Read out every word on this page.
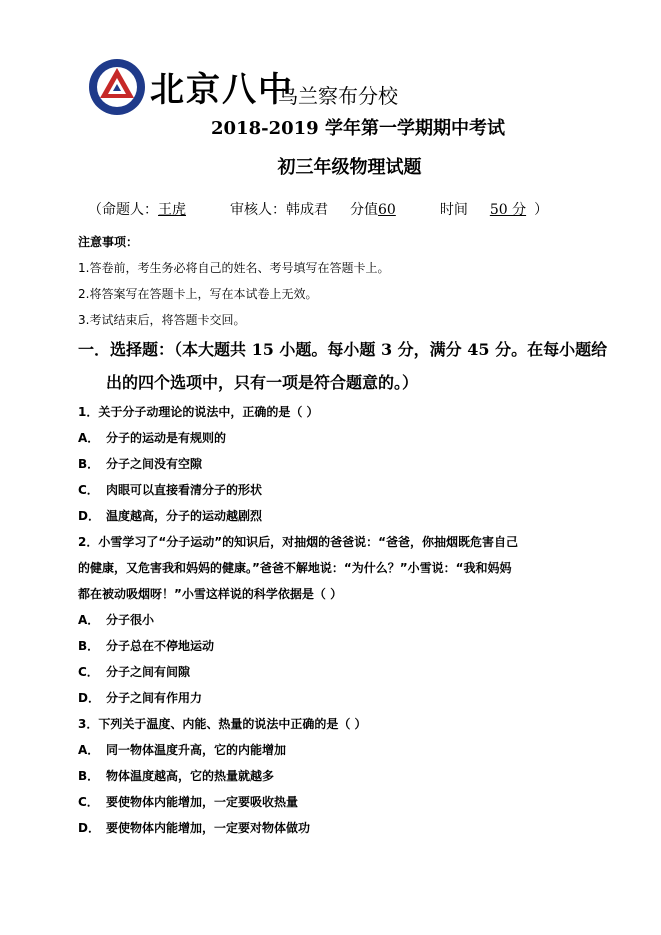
北京八中
乌兰察布分校
2018-2019 学年第一学期期中考试
初三年级物理试题
（命题人：王虎	审核人：韩成君 分值60	时间 50 分 ）
注意事项：
1.答卷前，考生务必将自己的姓名、考号填写在答题卡上。
2.将答案写在答题卡上，写在本试卷上无效。
3.考试结束后，将答题卡交回。
一．选择题：（本大题共 15 小题。每小题 3 分，满分 45 分。在每小题给
出的四个选项中，只有一项是符合题意的。）
1．关于分子动理论的说法中，正确的是（ ）
A． 分子的运动是有规则的
B． 分子之间没有空隙
C． 肉眼可以直接看清分子的形状
D． 温度越高，分子的运动越剧烈
2．小雪学习了“分子运动”的知识后，对抽烟的爸爸说：“爸爸，你抽烟既危害自己
的健康，又危害我和妈妈的健康。”爸爸不解地说：“为什么？”小雪说：“我和妈妈
都在被动吸烟呀！”小雪这样说的科学依据是（ ）
A． 分子很小
B． 分子总在不停地运动
C． 分子之间有间隙
D． 分子之间有作用力
3．下列关于温度、内能、热量的说法中正确的是（ ）
A． 同一物体温度升高，它的内能增加
B． 物体温度越高，它的热量就越多
C． 要使物体内能增加，一定要吸收热量
D． 要使物体内能增加，一定要对物体做功
